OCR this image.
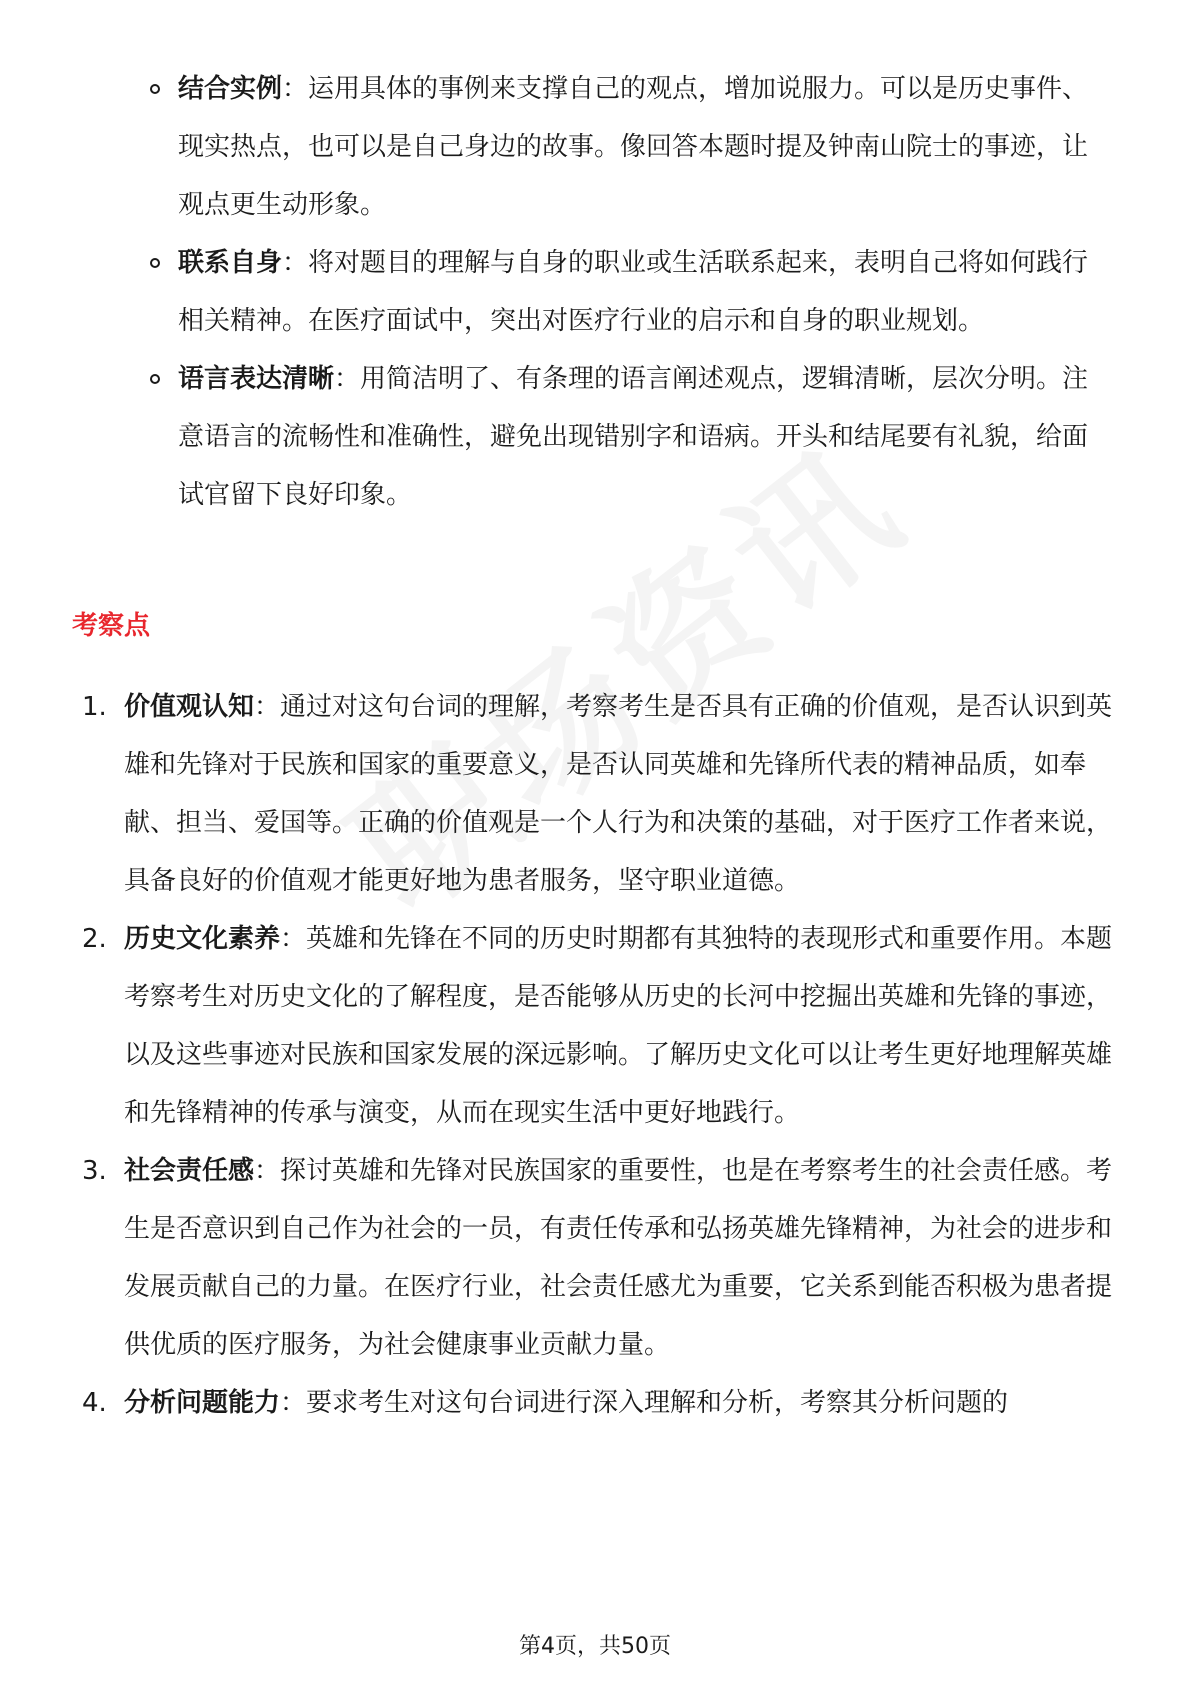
结合实例：运用具体的事例来支撑自己的观点，增加说服力。可以是历史事件、现实热点，也可以是自己身边的故事。像回答本题时提及钟南山院士的事迹，让观点更生动形象。
联系自身：将对题目的理解与自身的职业或生活联系起来，表明自己将如何践行相关精神。在医疗面试中，突出对医疗行业的启示和自身的职业规划。
语言表达清晰：用简洁明了、有条理的语言阐述观点，逻辑清晰，层次分明。注意语言的流畅性和准确性，避免出现错别字和语病。开头和结尾要有礼貌，给面试官留下良好印象。
考察点
1. 价值观认知：通过对这句台词的理解，考察考生是否具有正确的价值观，是否认识到英雄和先锋对于民族和国家的重要意义，是否认同英雄和先锋所代表的精神品质，如奉献、担当、爱国等。正确的价值观是一个人行为和决策的基础，对于医疗工作者来说，具备良好的价值观才能更好地为患者服务，坚守职业道德。
2. 历史文化素养：英雄和先锋在不同的历史时期都有其独特的表现形式和重要作用。本题考察考生对历史文化的了解程度，是否能够从历史的长河中挖掘出英雄和先锋的事迹，以及这些事迹对民族和国家发展的深远影响。了解历史文化可以让考生更好地理解英雄和先锋精神的传承与演变，从而在现实生活中更好地践行。
3. 社会责任感：探讨英雄和先锋对民族国家的重要性，也是在考察考生的社会责任感。考生是否意识到自己作为社会的一员，有责任传承和弘扬英雄先锋精神，为社会的进步和发展贡献自己的力量。在医疗行业，社会责任感尤为重要，它关系到能否积极为患者提供优质的医疗服务，为社会健康事业贡献力量。
4. 分析问题能力：要求考生对这句台词进行深入理解和分析，考察其分析问题的
第4页，共50页
